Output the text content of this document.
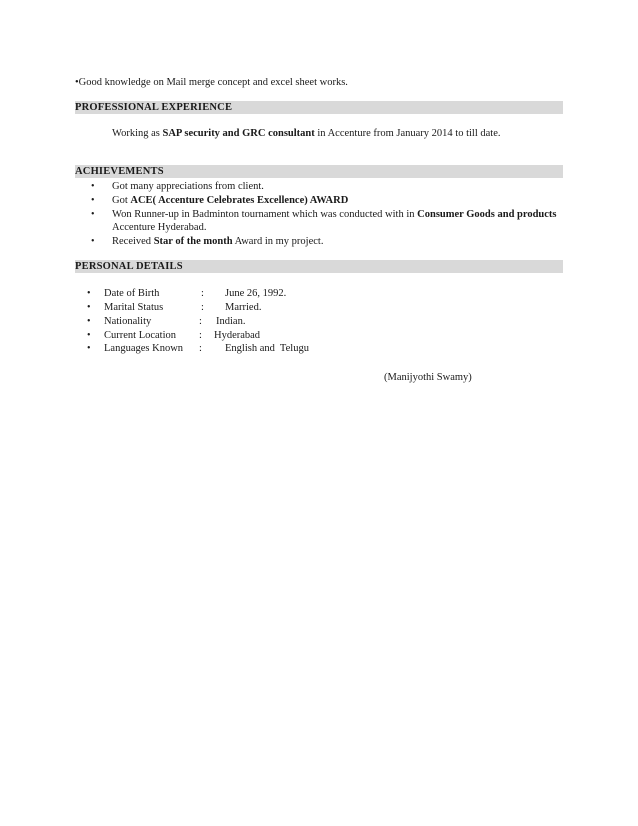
•Good knowledge on Mail merge concept and excel sheet works.
PROFESSIONAL EXPERIENCE
Working as SAP security and GRC consultant in Accenture from January 2014 to till date.
ACHIEVEMENTS
• Got many appreciations from client.
• Got ACE( Accenture Celebrates Excellence) AWARD
• Won Runner-up in Badminton tournament which was conducted with in Consumer Goods and products
Accenture Hyderabad.
• Received Star of the month Award in my project.
PERSONAL DETAILS
• Date of Birth	: June 26, 1992.
• Marital Status	: Married.
• Nationality	: Indian.
• Current Location : Hyderabad
• Languages Known : English and  Telugu
(Manijyothi Swamy)
